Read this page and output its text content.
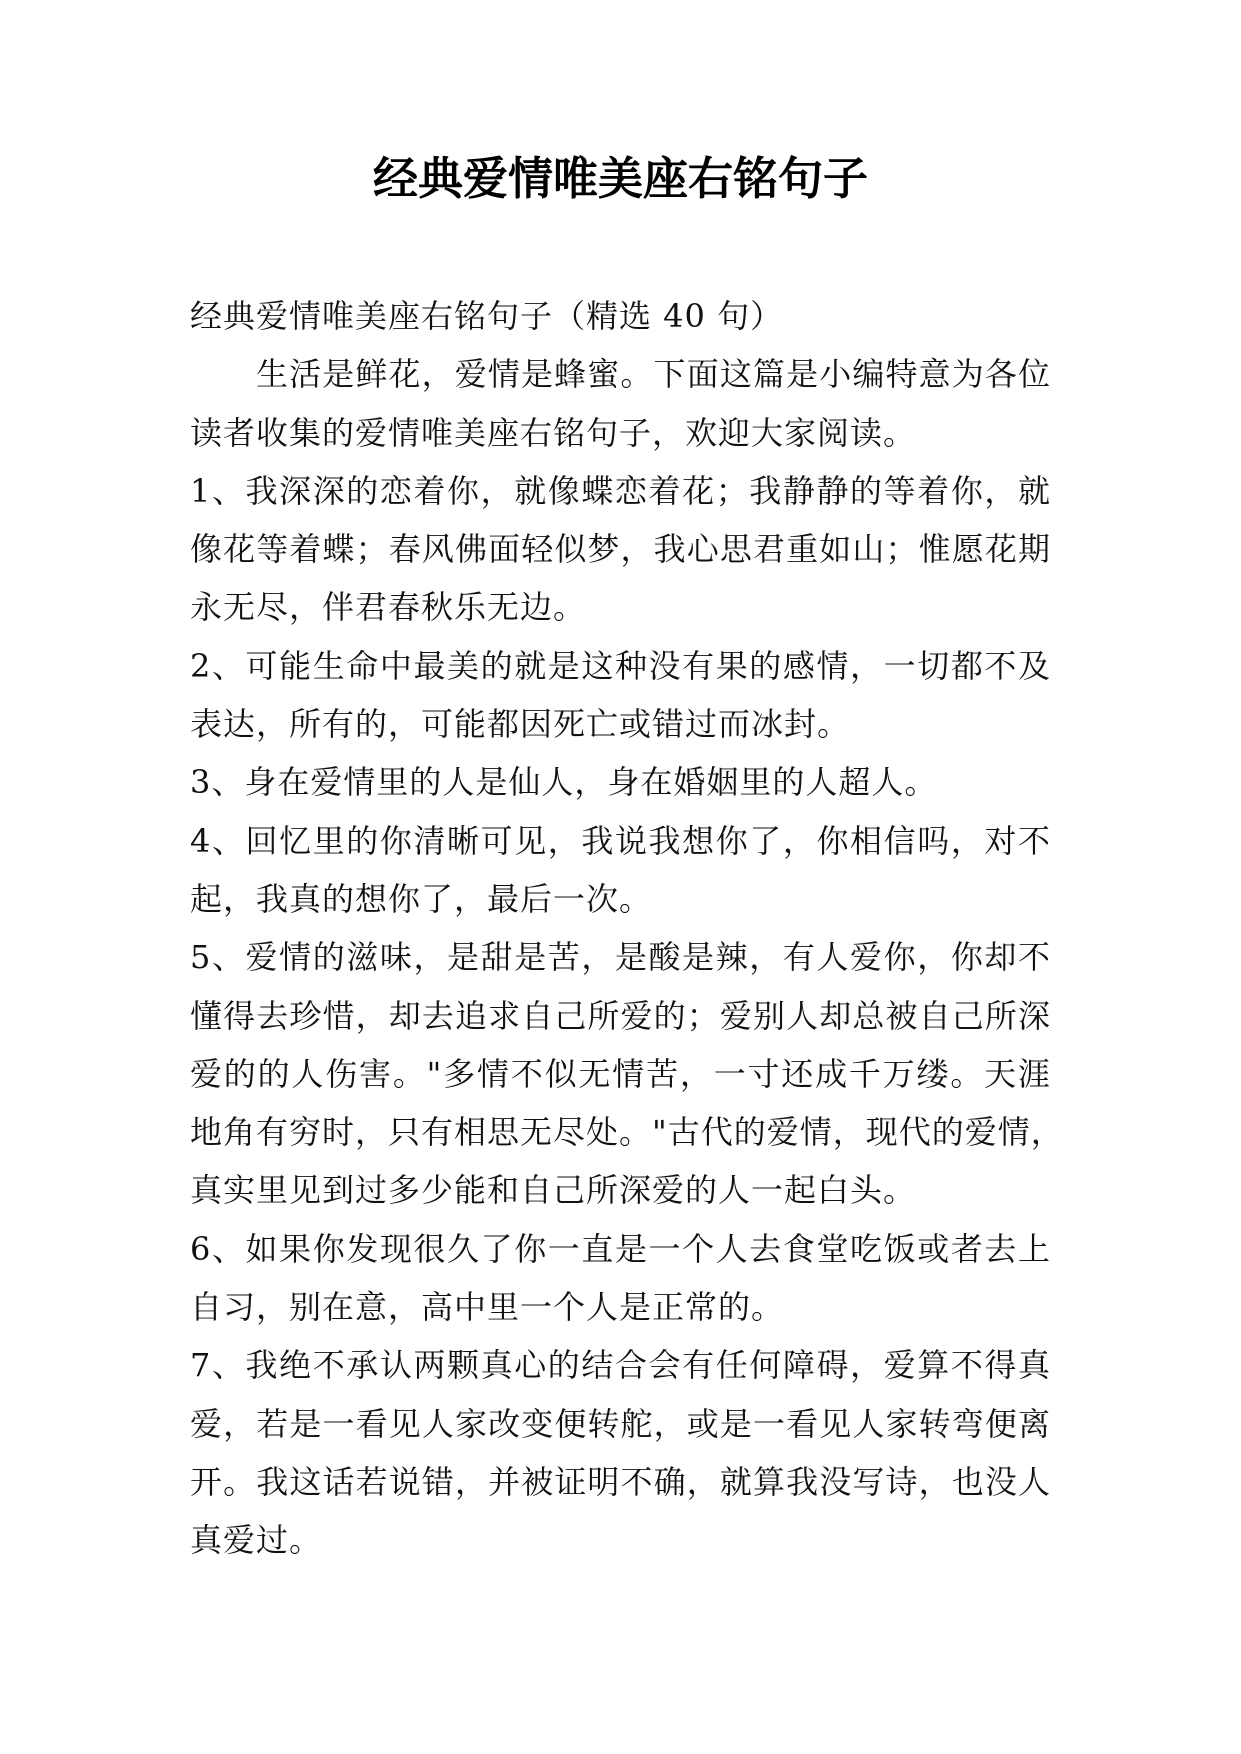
经典爱情唯美座右铭句子
经典爱情唯美座右铭句子（精选 40 句）
生活是鲜花，爱情是蜂蜜。下面这篇是小编特意为各位
读者收集的爱情唯美座右铭句子，欢迎大家阅读。
1、我深深的恋着你，就像蝶恋着花；我静静的等着你，就
像花等着蝶；春风佛面轻似梦，我心思君重如山；惟愿花期
永无尽，伴君春秋乐无边。
2、可能生命中最美的就是这种没有果的感情，一切都不及
表达，所有的，可能都因死亡或错过而冰封。
3、身在爱情里的人是仙人，身在婚姻里的人超人。
4、回忆里的你清晰可见，我说我想你了，你相信吗，对不
起，我真的想你了，最后一次。
5、爱情的滋味，是甜是苦，是酸是辣，有人爱你，你却不
懂得去珍惜，却去追求自己所爱的；爱别人却总被自己所深
爱的的人伤害。"多情不似无情苦，一寸还成千万缕。天涯
地角有穷时，只有相思无尽处。"古代的爱情，现代的爱情，
真实里见到过多少能和自己所深爱的人一起白头。
6、如果你发现很久了你一直是一个人去食堂吃饭或者去上
自习，别在意，高中里一个人是正常的。
7、我绝不承认两颗真心的结合会有任何障碍，爱算不得真
爱，若是一看见人家改变便转舵，或是一看见人家转弯便离
开。我这话若说错，并被证明不确，就算我没写诗，也没人
真爱过。
